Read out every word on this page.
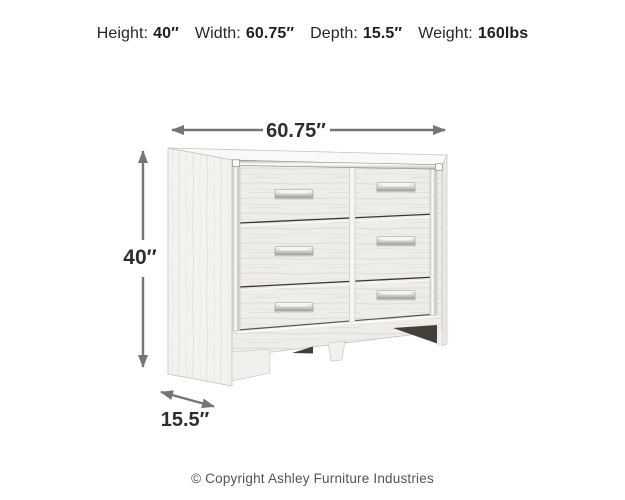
Height: 40″ Width: 60.75″ Depth: 15.5″ Weight: 160lbs
60.75″
40″
15.5″
© Copyright Ashley Furniture Industries
